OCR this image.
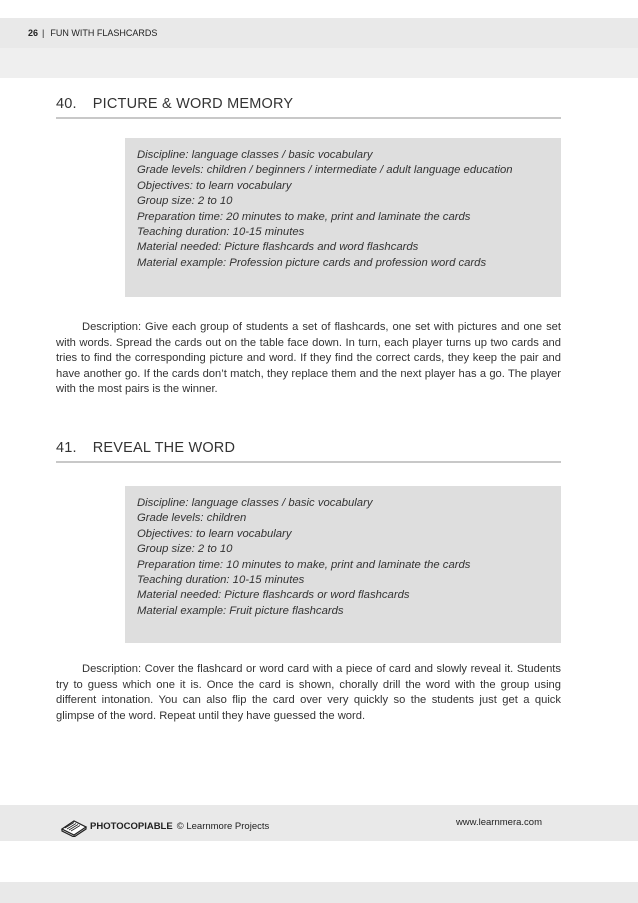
26 | FUN WITH FLASHCARDS
40. PICTURE & WORD MEMORY
Discipline: language classes / basic vocabulary
Grade levels: children / beginners / intermediate / adult language education
Objectives: to learn vocabulary
Group size: 2 to 10
Preparation time: 20 minutes to make, print and laminate the cards
Teaching duration: 10-15 minutes
Material needed: Picture flashcards and word flashcards
Material example: Profession picture cards and profession word cards

Description: Give each group of students a set of flashcards, one set with pictures and one set with words. Spread the cards out on the table face down. In turn, each player turns up two cards and tries to find the corresponding picture and word. If they find the correct cards, they keep the pair and have another go. If the cards don’t match, they replace them and the next player has a go. The player with the most pairs is the winner.

41. REVEAL THE WORD
Discipline: language classes / basic vocabulary
Grade levels: children
Objectives: to learn vocabulary
Group size: 2 to 10
Preparation time: 10 minutes to make, print and laminate the cards
Teaching duration: 10-15 minutes
Material needed: Picture flashcards or word flashcards
Material example: Fruit picture flashcards

Description: Cover the flashcard or word card with a piece of card and slowly reveal it. Students try to guess which one it is. Once the card is shown, chorally drill the word with the group using different intonation. You can also flip the card over very quickly so the students just get a quick glimpse of the word. Repeat until they have guessed the word.

PHOTOCOPIABLE © Learnmore Projects	www.learnmera.com
